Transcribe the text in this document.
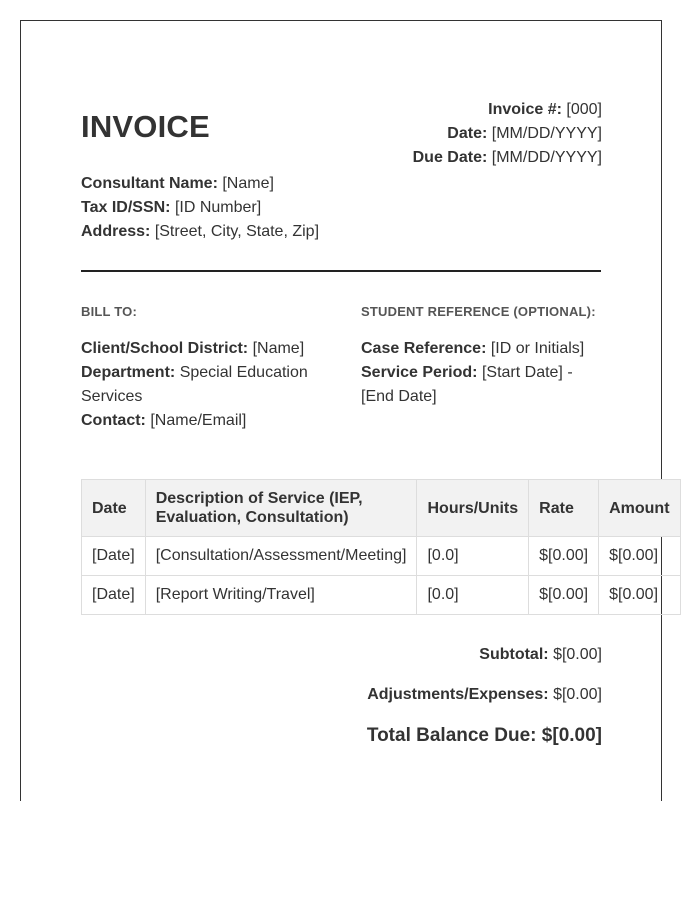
INVOICE	Invoice #: [000]
Date: [MM/DD/YYYY]
Due Date: [MM/DD/YYYY]
Consultant Name: [Name]
Tax ID/SSN: [ID Number]
Address: [Street, City, State, Zip]
BILL TO:	STUDENT REFERENCE (OPTIONAL):
Client/School District: [Name]
Department: Special Education Services
Contact: [Name/Email]
Case Reference: [ID or Initials]
Service Period: [Start Date] - [End Date]
Date	Description of Service (IEP, Evaluation, Consultation)	Hours/Units	Rate	Amount
[Date]	[Consultation/Assessment/Meeting]	[0.0]	$[0.00]	$[0.00]
[Date]	[Report Writing/Travel]	[0.0]	$[0.00]	$[0.00]
Subtotal: $[0.00]
Adjustments/Expenses: $[0.00]
Total Balance Due: $[0.00]
